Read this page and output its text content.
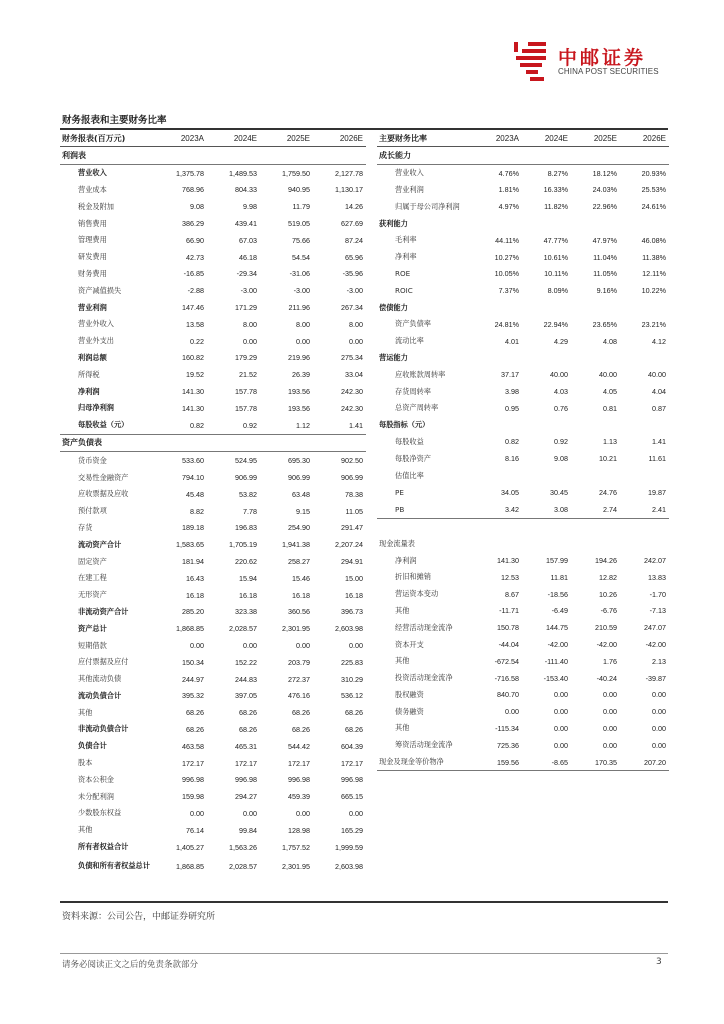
中邮证券
CHINA POST SECURITIES
财务报表和主要财务比率
财务报表(百万元)	2023A	2024E	2025E	2026E
利润表				
营业收入	1,375.78	1,489.53	1,759.50	2,127.78
营业成本	768.96	804.33	940.95	1,130.17
税金及附加	9.08	9.98	11.79	14.26
销售费用	386.29	439.41	519.05	627.69
管理费用	66.90	67.03	75.66	87.24
研发费用	42.73	46.18	54.54	65.96
财务费用	-16.85	-29.34	-31.06	-35.96
资产减值损失	-2.88	-3.00	-3.00	-3.00
营业利润	147.46	171.29	211.96	267.34
营业外收入	13.58	8.00	8.00	8.00
营业外支出	0.22	0.00	0.00	0.00
利润总额	160.82	179.29	219.96	275.34
所得税	19.52	21.52	26.39	33.04
净利润	141.30	157.78	193.56	242.30
归母净利润	141.30	157.78	193.56	242.30
每股收益（元）	0.82	0.92	1.12	1.41
资产负债表				
货币资金	533.60	524.95	695.30	902.50
交易性金融资产	794.10	906.99	906.99	906.99
应收票据及应收	45.48	53.82	63.48	78.38
预付款项	8.82	7.78	9.15	11.05
存货	189.18	196.83	254.90	291.47
流动资产合计	1,583.65	1,705.19	1,941.38	2,207.24
固定资产	181.94	220.62	258.27	294.91
在建工程	16.43	15.94	15.46	15.00
无形资产	16.18	16.18	16.18	16.18
非流动资产合计	285.20	323.38	360.56	396.73
资产总计	1,868.85	2,028.57	2,301.95	2,603.98
短期借款	0.00	0.00	0.00	0.00
应付票据及应付	150.34	152.22	203.79	225.83
其他流动负债	244.97	244.83	272.37	310.29
流动负债合计	395.32	397.05	476.16	536.12
其他	68.26	68.26	68.26	68.26
非流动负债合计	68.26	68.26	68.26	68.26
负债合计	463.58	465.31	544.42	604.39
股本	172.17	172.17	172.17	172.17
资本公积金	996.98	996.98	996.98	996.98
未分配利润	159.98	294.27	459.39	665.15
少数股东权益	0.00	0.00	0.00	0.00
其他	76.14	99.84	128.98	165.29
所有者权益合计	1,405.27	1,563.26	1,757.52	1,999.59
负债和所有者权益总计	1,868.85	2,028.57	2,301.95	2,603.98
主要财务比率	2023A	2024E	2025E	2026E
成长能力				
营业收入	4.76%	8.27%	18.12%	20.93%
营业利润	1.81%	16.33%	24.03%	25.53%
归属于母公司净利润	4.97%	11.82%	22.96%	24.61%
获利能力				
毛利率	44.11%	47.77%	47.97%	46.08%
净利率	10.27%	10.61%	11.04%	11.38%
ROE	10.05%	10.11%	11.05%	12.11%
ROIC	7.37%	8.09%	9.16%	10.22%
偿债能力				
资产负债率	24.81%	22.94%	23.65%	23.21%
流动比率	4.01	4.29	4.08	4.12
营运能力				
应收账款周转率	37.17	40.00	40.00	40.00
存货周转率	3.98	4.03	4.05	4.04
总资产周转率	0.95	0.76	0.81	0.87
每股指标（元）				
每股收益	0.82	0.92	1.13	1.41
每股净资产	8.16	9.08	10.21	11.61
估值比率				
PE	34.05	30.45	24.76	19.87
PB	3.42	3.08	2.74	2.41

现金流量表				
净利润	141.30	157.99	194.26	242.07
折旧和摊销	12.53	11.81	12.82	13.83
营运资本变动	8.67	-18.56	10.26	-1.70
其他	-11.71	-6.49	-6.76	-7.13
经营活动现金流净	150.78	144.75	210.59	247.07
资本开支	-44.04	-42.00	-42.00	-42.00
其他	-672.54	-111.40	1.76	2.13
投资活动现金流净	-716.58	-153.40	-40.24	-39.87
股权融资	840.70	0.00	0.00	0.00
债务融资	0.00	0.00	0.00	0.00
其他	-115.34	0.00	0.00	0.00
筹资活动现金流净	725.36	0.00	0.00	0.00
现金及现金等价物净	159.56	-8.65	170.35	207.20
资料来源：公司公告，中邮证券研究所
请务必阅读正文之后的免责条款部分	3
